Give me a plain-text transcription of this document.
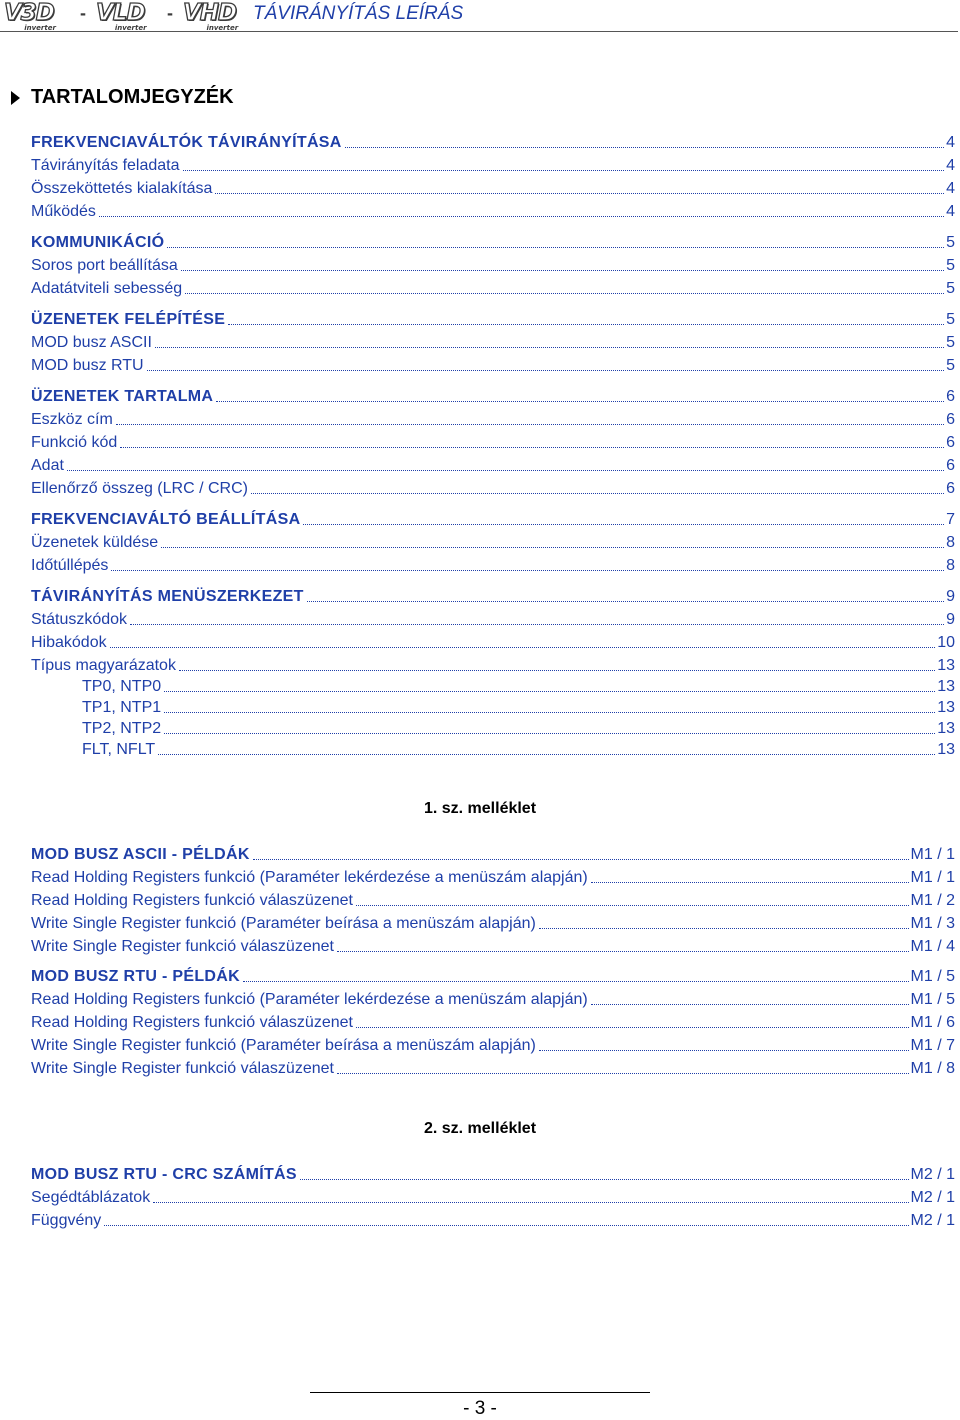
V3D
inverter
- VLD
inverter
- VHD
inverter
TÁVIRÁNYÍTÁS LEÍRÁS
TARTALOMJEGYZÉK
FREKVENCIAVÁLTÓK TÁVIRÁNYÍTÁSA	4
Távirányítás feladata	4
Összeköttetés kialakítása	4
Működés	4
KOMMUNIKÁCIÓ	5
Soros port beállítása	5
Adatátviteli sebesség	5
ÜZENETEK FELÉPÍTÉSE	5
MOD busz ASCII	5
MOD busz RTU	5
ÜZENETEK TARTALMA	6
Eszköz cím	6
Funkció kód	6
Adat	6
Ellenőrző összeg (LRC / CRC)	6
FREKVENCIAVÁLTÓ BEÁLLÍTÁSA	7
Üzenetek küldése	8
Időtúllépés	8
TÁVIRÁNYÍTÁS MENÜSZERKEZET	9
Státuszkódok	9
Hibakódok	10
Típus magyarázatok	13
TP0, NTP0	13
TP1, NTP1	13
TP2, NTP2	13
FLT, NFLT	13
1. sz. melléklet
MOD BUSZ ASCII - PÉLDÁK	M1 / 1
Read Holding Registers funkció (Paraméter lekérdezése a menüszám alapján)	M1 / 1
Read Holding Registers funkció válaszüzenet	M1 / 2
Write Single Register funkció (Paraméter beírása a menüszám alapján)	M1 / 3
Write Single Register funkció válaszüzenet	M1 / 4
MOD BUSZ RTU - PÉLDÁK	M1 / 5
Read Holding Registers funkció (Paraméter lekérdezése a menüszám alapján)	M1 / 5
Read Holding Registers funkció válaszüzenet	M1 / 6
Write Single Register funkció (Paraméter beírása a menüszám alapján)	M1 / 7
Write Single Register funkció válaszüzenet	M1 / 8
2. sz. melléklet
MOD BUSZ RTU - CRC SZÁMÍTÁS	M2 / 1
Segédtáblázatok	M2 / 1
Függvény	M2 / 1
- 3 -
